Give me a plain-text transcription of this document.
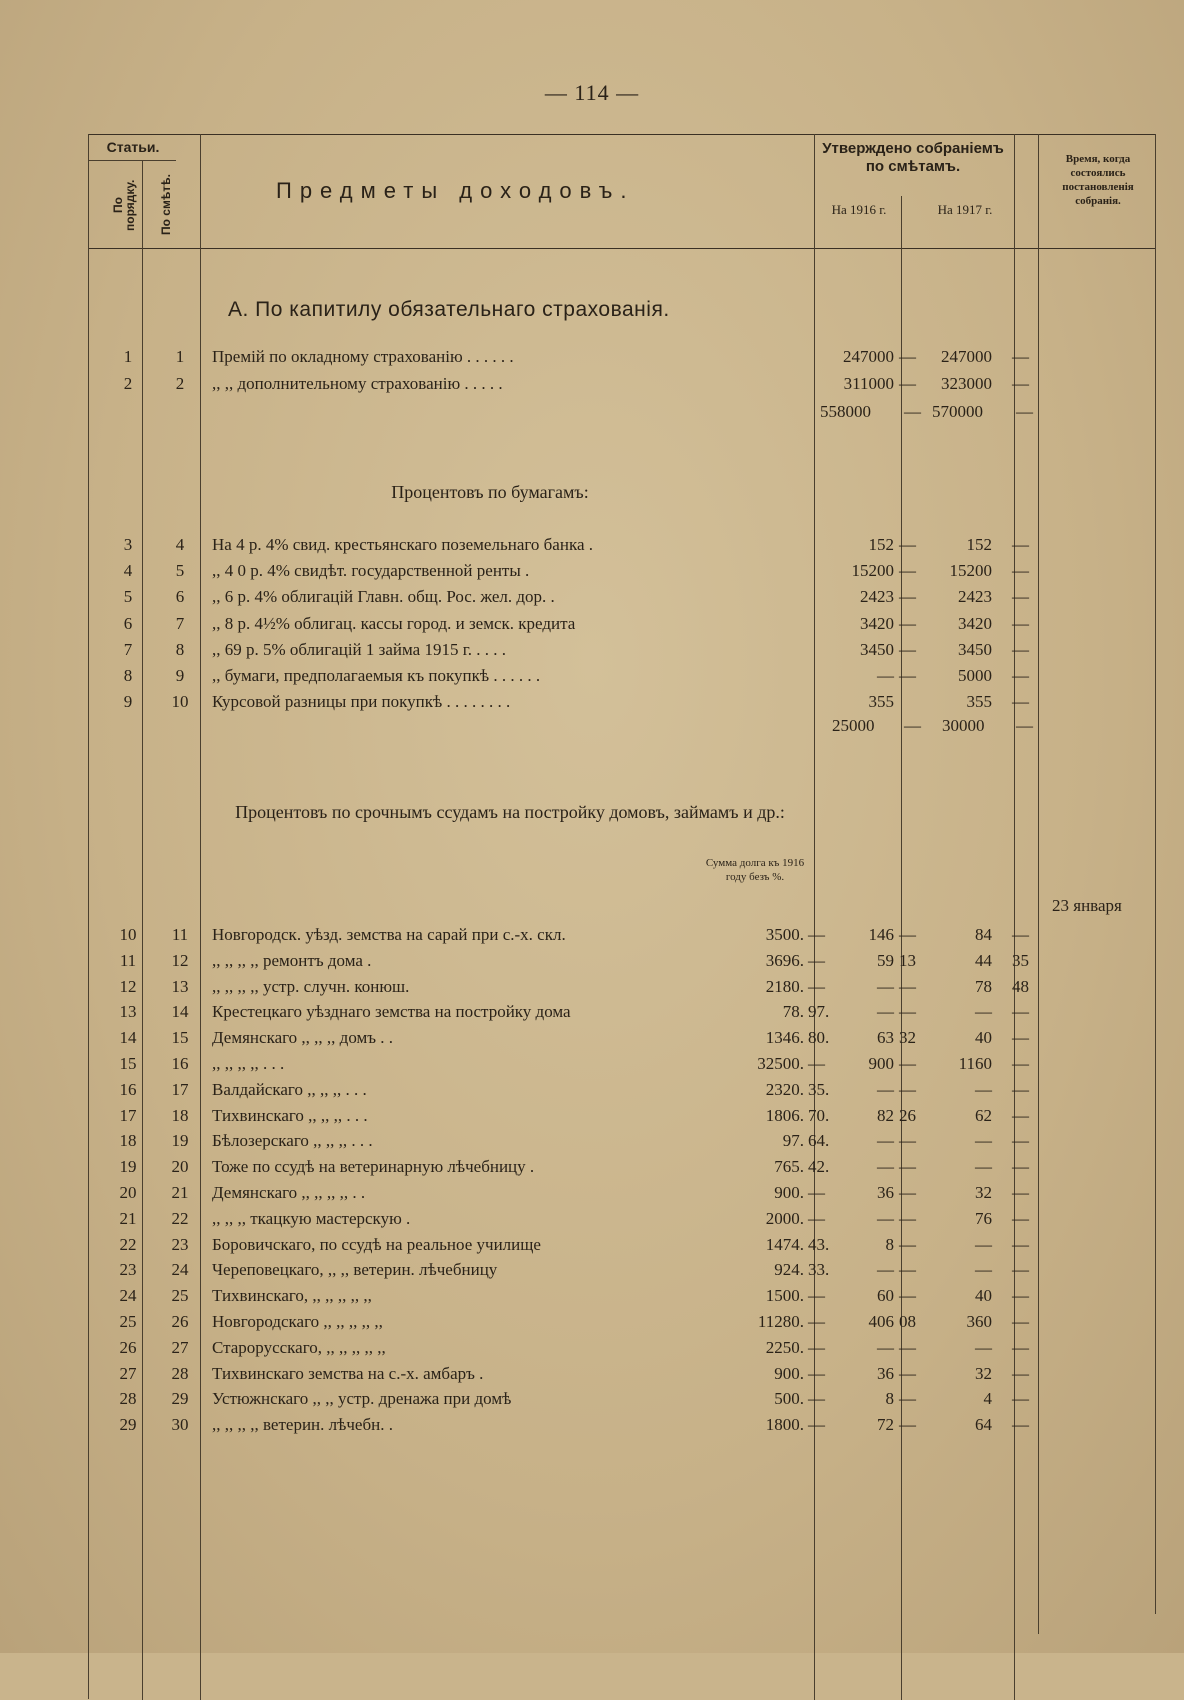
— 114 —
Статьи.
По порядку. По смѣтѣ.	Предметы доходовъ.
Утверждено собраніемъ по смѣтамъ.
На 1916 г.	На 1917 г.
Время, когда состоялись постановленія собранія.
А. По капитилу обязательнаго страхованія.
1	1	Премій по окладному страхованію . . . . . .	247000 — 247000 —
2	2	,, ,, дополнительному страхованію . . . . .	311000 — 323000 —
558000 — 570000 —
Процентовъ по бумагамъ:
3	4	На 4 р. 4% свид. крестьянскаго поземельнаго банка .	152 —	152 —
4	5	,, 4 0 р. 4% свидѣт. государственной ренты .	15200 — 15200 —
5	6	,, 6 р. 4% облигацій Главн. общ. Рос. жел. дор. .	2423 — 2423 —
6	7	,, 8 р. 4½% облигац. кассы город. и земск. кредита	3420 — 3420 —
7	8	,, 69 р. 5% облигацій 1 займа 1915 г. . . . .	3450 — 3450 —
8	9	,, бумаги, предполагаемыя къ покупкѣ . . . . . .	— — 5000 —
9	10	Курсовой разницы при покупкѣ . . . . . . . .	355	355 —
25000 — 30000 —
Процентовъ по срочнымъ ссудамъ на постройку домовъ, займамъ и др.:
Сумма долга къ 1916 году безъ %.
23 января
10	11	Новгородск. уѣзд. земства на сарай при с.-х. скл.	3500. —	146 —	84 —
11	12	,, ,, ,, ,, ремонтъ дома .	3696. —	59 13	44 35
12	13	,, ,, ,, ,, устр. случн. конюш.	2180. —	— —	78 48
13	14	Крестецкаго уѣзднаго земства на постройку дома	78. 97.	— —	— —
14	15	Демянскаго ,, ,, ,, домъ . .	1346. 80.	63 32	40 —
15	16	,, ,, ,, ,, . . .	32500. —	900 —	1160 —
16	17	Валдайскаго ,, ,, ,, . . .	2320. 35.	— —	— —
17	18	Тихвинскаго ,, ,, ,, . . .	1806. 70.	82 26	62 —
18	19	Бѣлозерскаго ,, ,, ,, . . .	97. 64.	— —	— —
19	20	Тоже по ссудѣ на ветеринарную лѣчебницу .	765. 42.	— —	— —
20	21	Демянскаго ,, ,, ,, ,, . .	900. —	36 —	32 —
21	22	,, ,, ,, ткацкую мастерскую .	2000. —	— —	76 —
22	23	Боровичскаго, по ссудѣ на реальное училище	1474. 43.	8 —	— —
23	24	Череповецкаго, ,, ,, ветерин. лѣчебницу	924. 33.	— —	— —
24	25	Тихвинскаго, ,, ,, ,, ,, ,,	1500. —	60 —	40 —
25	26	Новгородскаго ,, ,, ,, ,, ,,	11280. —	406 08	360 —
26	27	Старорусскаго, ,, ,, ,, ,, ,,	2250. —	— —	— —
27	28	Тихвинскаго земства на с.-х. амбаръ .	900. —	36 —	32 —
28	29	Устюжнскаго ,, ,, устр. дренажа при домѣ	500. —	8 —	4 —
29	30	,, ,, ,, ,, ветерин. лѣчебн. .	1800. —	72 —	64 —
